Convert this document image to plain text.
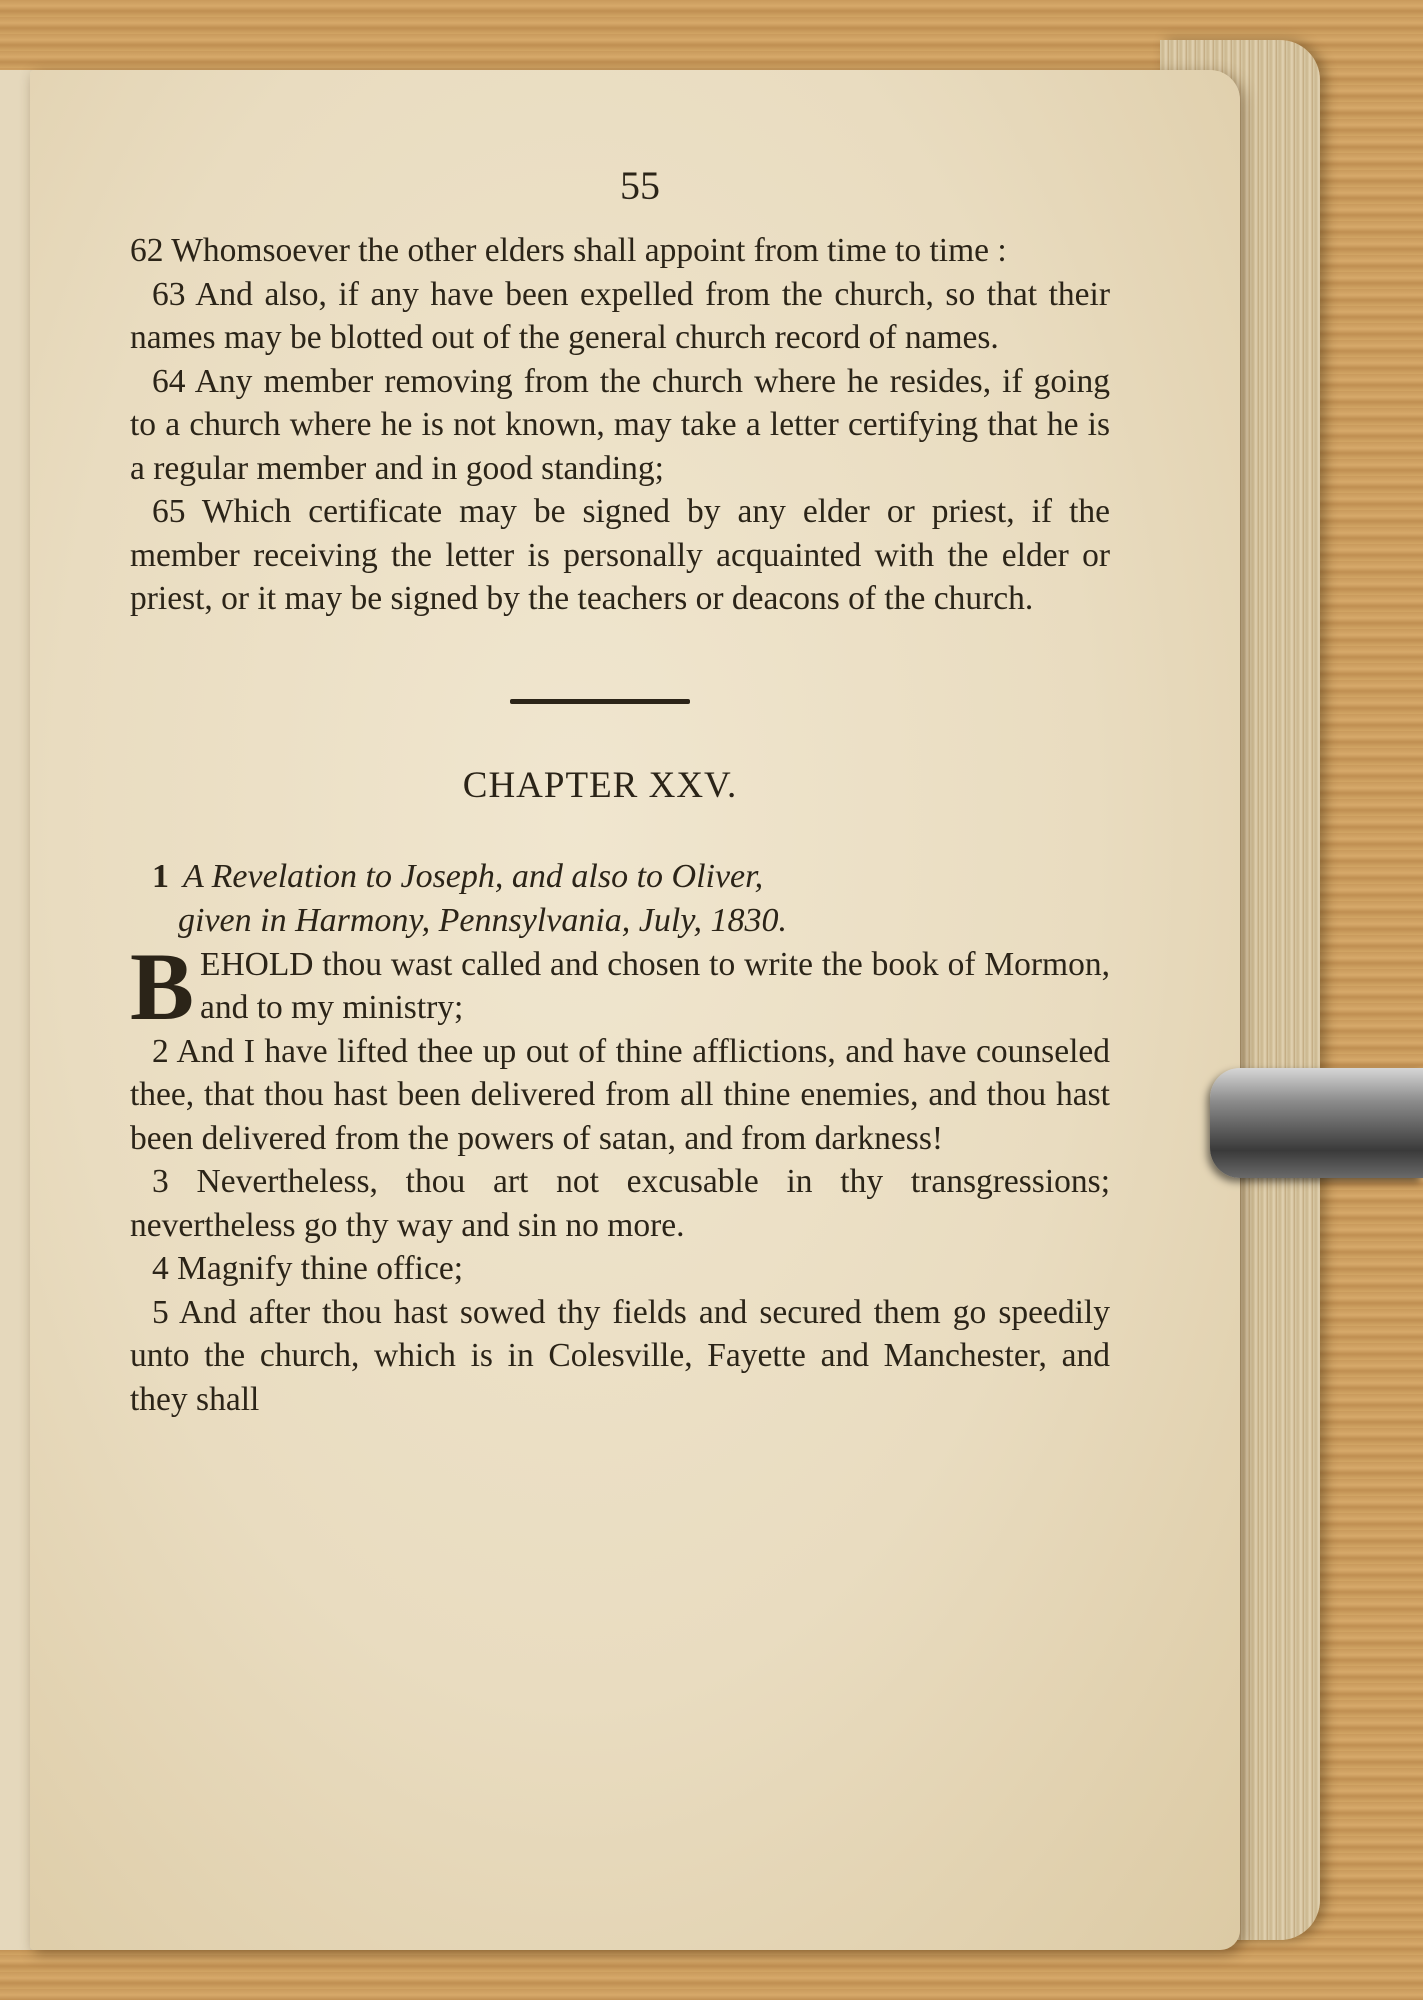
55

62 Whomsoever the other elders shall appoint from time to time :

63 And also, if any have been expelled from the church, so that their names may be blotted out of the general church record of names.

64 Any member removing from the church where he resides, if going to a church where he is not known, may take a letter certifying that he is a regular member and in good standing;

65 Which certificate may be signed by any elder or priest, if the member receiving the letter is personally acquainted with the elder or priest, or it may be signed by the teachers or deacons of the church.

CHAPTER XXV.

1 A Revelation to Joseph, and also to Oliver,

given in Harmony, Pennsylvania, July, 1830.

B EHOLD thou wast called and chosen to write the book of Mormon, and to my ministry;

2 And I have lifted thee up out of thine afflictions, and have counseled thee, that thou hast been delivered from all thine enemies, and thou hast been delivered from the powers of satan, and from darkness!

3 Nevertheless, thou art not excusable in thy transgressions; nevertheless go thy way and sin no more.

4 Magnify thine office;

5 And after thou hast sowed thy fields and secured them go speedily unto the church, which is in Colesville, Fayette and Manchester, and they shall
